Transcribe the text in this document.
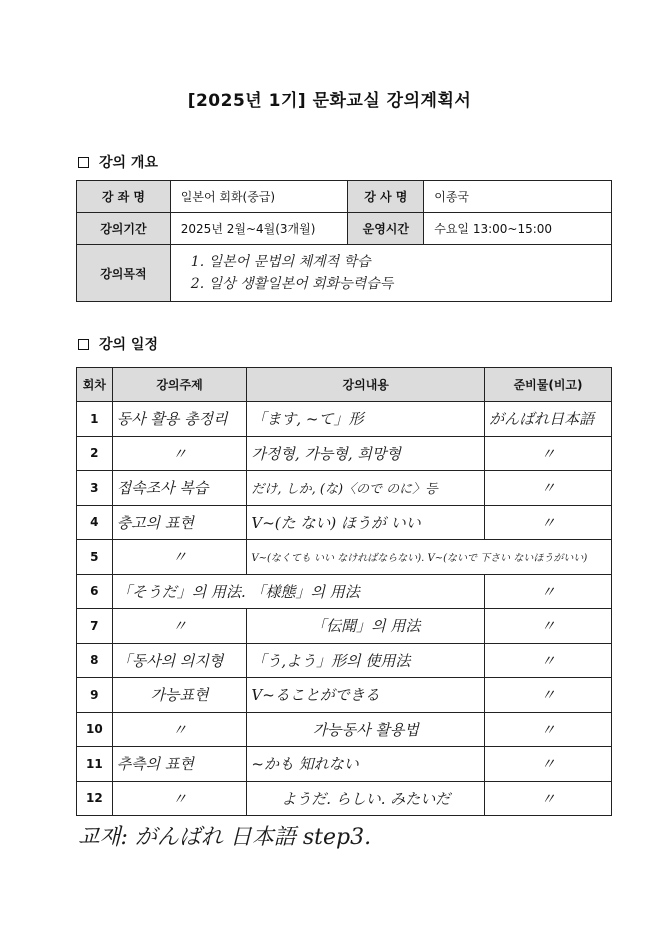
[2025년 1기] 문화교실 강의계획서
강의 개요
강 좌 명	일본어 회화(중급)	강 사 명	이종국
강의기간	2025년 2월~4월(3개월)	운영시간	수요일 13:00~15:00
강의목적	1. 일본어 문법의 체계적 학습
2. 일상 생활일본어 회화능력습득		
강의 일정
회차	강의주제	강의내용	준비물(비고)
1	동사 활용 총정리	「ます, ~て」形	がんばれ日本語
2	〃	가정형, 가능형, 희망형	〃
3	접속조사 복습	だけ, しか, (な)〈ので のに〉등	〃
4	충고의 표현	V~(た ない) ほうが いい	〃
5	〃	V~(なくても いい なければならない). V~(ないで 下さい ないほうがいい)	
6	「そうだ」의 用法. 「様態」의 用法		〃
7	〃	「伝聞」의 用法	〃
8	「동사의 의지형	「う,よう」形의 使用法	〃
9	가능표현	V~ることができる	〃
10	〃	가능동사 활용법	〃
11	추측의 표현	~かも 知れない	〃
12	〃	ようだ. らしい. みたいだ	〃
교재: がんばれ 日本語 step3.
